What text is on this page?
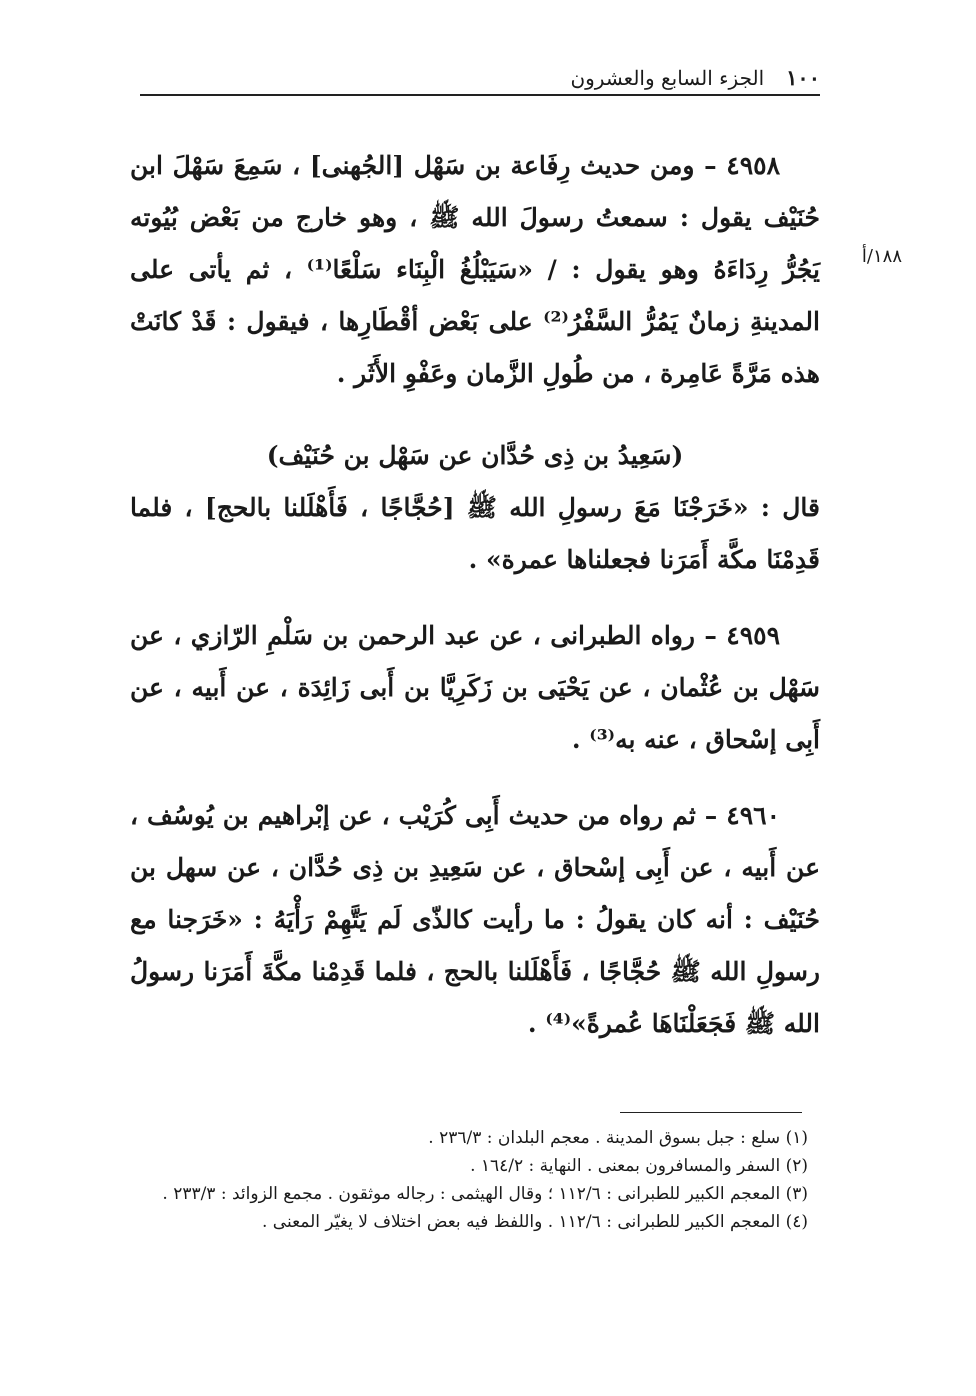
١٠٠
الجزء السابع والعشرون
١٨٨/أ

٤٩٥٨ – ومن حديث رِفَاعة بن سَهْل [الجُهنى] ، سَمِعَ سَهْلَ ابن حُنَيْف يقول : سمعتُ رسولَ الله ﷺ ، وهو خارج من بَعْض بُيُوته يَجُرُّ رِدَاءَهُ وهو يقول : / «سَيَبْلُغُ الْبِنَاء سَلْعًا⁽¹⁾ ، ثم يأتى على المدينةِ زمانٌ يَمُرُّ السَّفْرُ⁽²⁾ على بَعْض أقْطَارِها ، فيقول : قَدْ كانَتْ هذه مَرَّةً عَامِرة ، من طُولِ الزَّمان وعَفْوِ الأَثَر .

(سَعِيدُ بن ذِى حُدَّان عن سَهْل بن حُنَيْف)

قال : «خَرَجْنَا مَعَ رسولِ الله ﷺ [حُجَّاجًا ، فَأَهْلَلنا بالحج] ، فلما قَدِمْنَا مكَّة أَمَرَنا فجعلناها عمرة» .

٤٩٥٩ – رواه الطبرانى ، عن عبد الرحمن بن سَلْمِ الرّازي ، عن سَهْل بن عُثْمان ، عن يَحْيَى بن زَكَرِيَّا بن أَبى زَائِدَة ، عن أَبيه ، عن أَبِى إسْحاق ، عنه به⁽³⁾ .

٤٩٦٠ – ثم رواه من حديث أَبِى كُرَيْب ، عن إبْراهيم بن يُوسُف ، عن أَبيه ، عن أَبِى إسْحاق ، عن سَعِيدِ بن ذِى حُدَّان ، عن سهل بن حُنَيْف : أنه كان يقولُ : ما رأيت كالذّى لَم يَتَّهِمْ رَأْيَهُ : «خَرَجنا مع رسولِ الله ﷺ حُجَّاجًا ، فَأَهْلَلنا بالحج ، فلما قَدِمْنا مكَّةَ أَمَرَنا رسولُ الله ﷺ فَجَعَلْنَاهَا عُمرةً»⁽⁴⁾ .

(١) سلع : جبل بسوق المدينة . معجم البلدان : ٢٣٦/٣ .

(٢) السفر والمسافرون بمعنى . النهاية : ١٦٤/٢ .

(٣) المعجم الكبير للطبرانى : ١١٢/٦ ؛ وقال الهيثمى : رجاله موثقون . مجمع الزوائد : ٢٣٣/٣ .

(٤) المعجم الكبير للطبرانى : ١١٢/٦ . واللفظ فيه بعض اختلاف لا يغيّر المعنى .
